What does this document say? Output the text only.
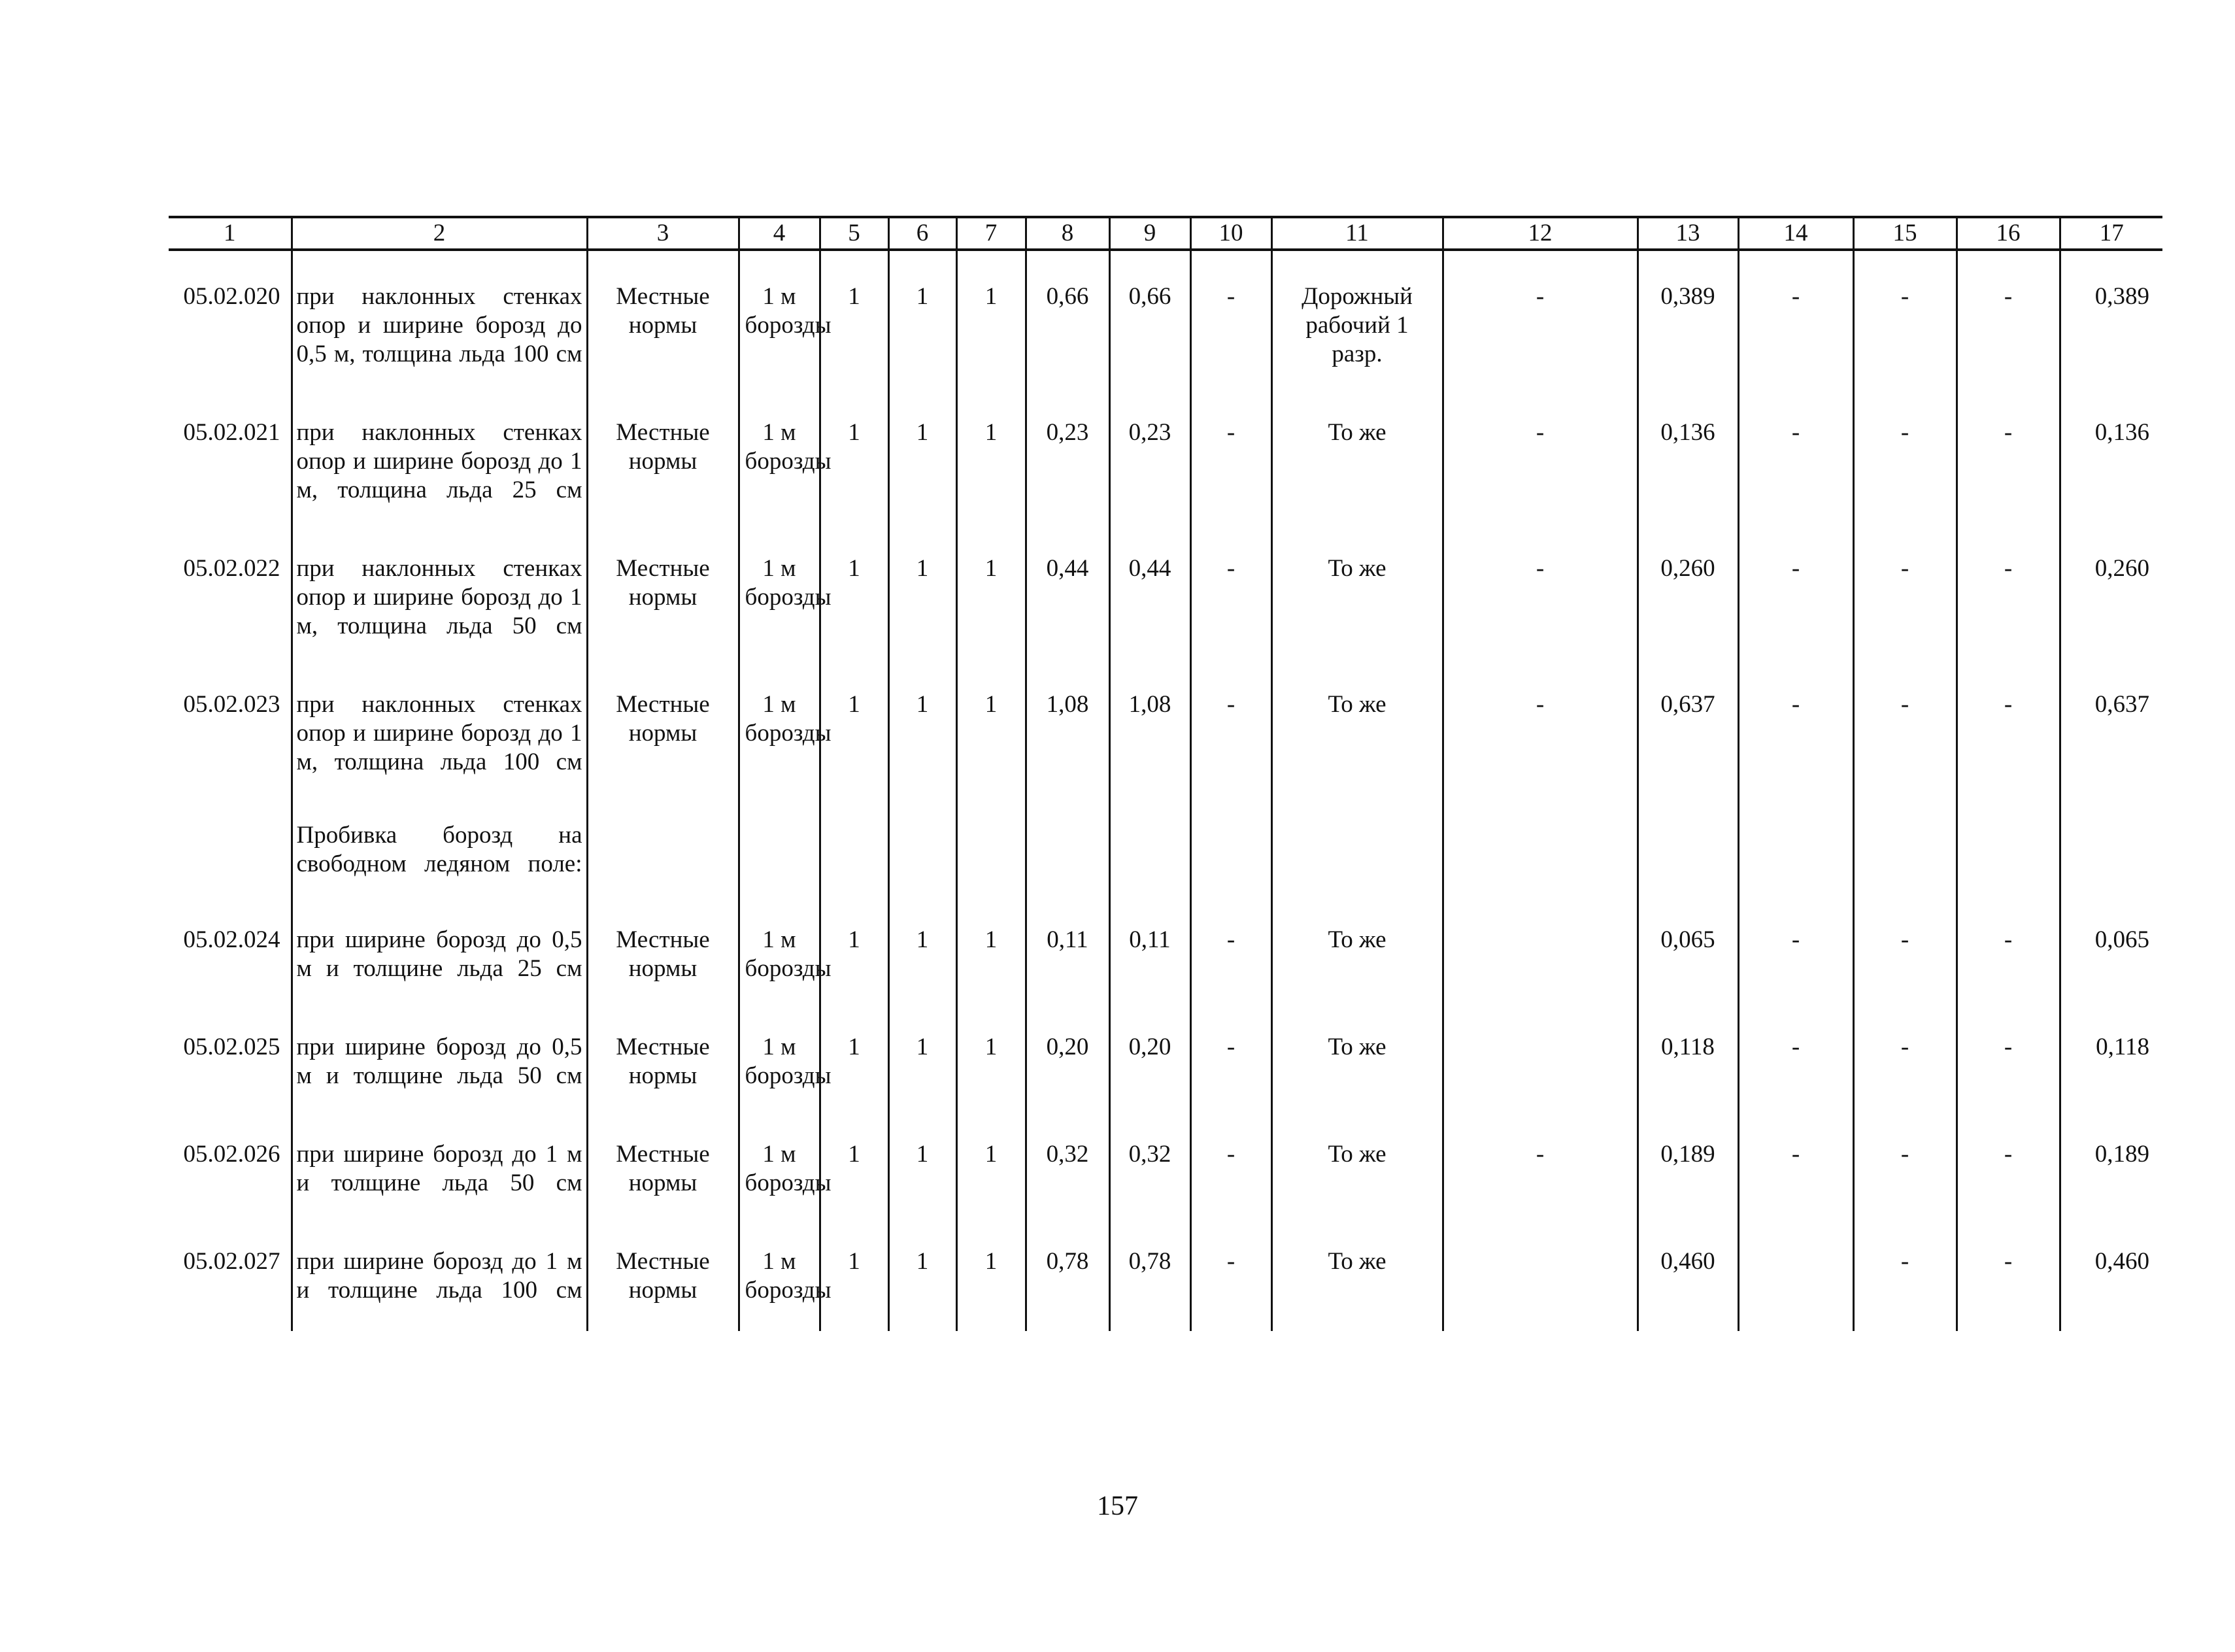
1	2	3	4	5	6	7	8	9	10	11	12	13	14	15	16	17
05.02.020	при наклонных стенках опор и ширине борозд до 0,5 м, толщина льда 100 см	Местные нормы	1 м борозды	1	1	1	0,66	0,66	-	Дорожный рабочий 1 разр.	-	0,389	-	-	-	0,389
05.02.021	при наклонных стенках опор и ширине борозд до 1 м, толщина льда 25 см	Местные нормы	1 м борозды	1	1	1	0,23	0,23	-	То же	-	0,136	-	-	-	0,136
05.02.022	при наклонных стенках опор и ширине борозд до 1 м, толщина льда 50 см	Местные нормы	1 м борозды	1	1	1	0,44	0,44	-	То же	-	0,260	-	-	-	0,260
05.02.023	при наклонных стенках опор и ширине борозд до 1 м, толщина льда 100 см	Местные нормы	1 м борозды	1	1	1	1,08	1,08	-	То же	-	0,637	-	-	-	0,637
	Пробивка борозд на свободном ледяном поле:															
05.02.024	при ширине борозд до 0,5 м и толщине льда 25 см	Местные нормы	1 м борозды	1	1	1	0,11	0,11	-	То же		0,065	-	-	-	0,065
05.02.025	при ширине борозд до 0,5 м и толщине льда 50 см	Местные нормы	1 м борозды	1	1	1	0,20	0,20	-	То же		0,118	-	-	-	0,118
05.02.026	при ширине борозд до 1 м и толщине льда 50 см	Местные нормы	1 м борозды	1	1	1	0,32	0,32	-	То же	-	0,189	-	-	-	0,189
05.02.027	при ширине борозд до 1 м и толщине льда 100 см	Местные нормы	1 м борозды	1	1	1	0,78	0,78	-	То же		0,460		-	-	0,460
157
